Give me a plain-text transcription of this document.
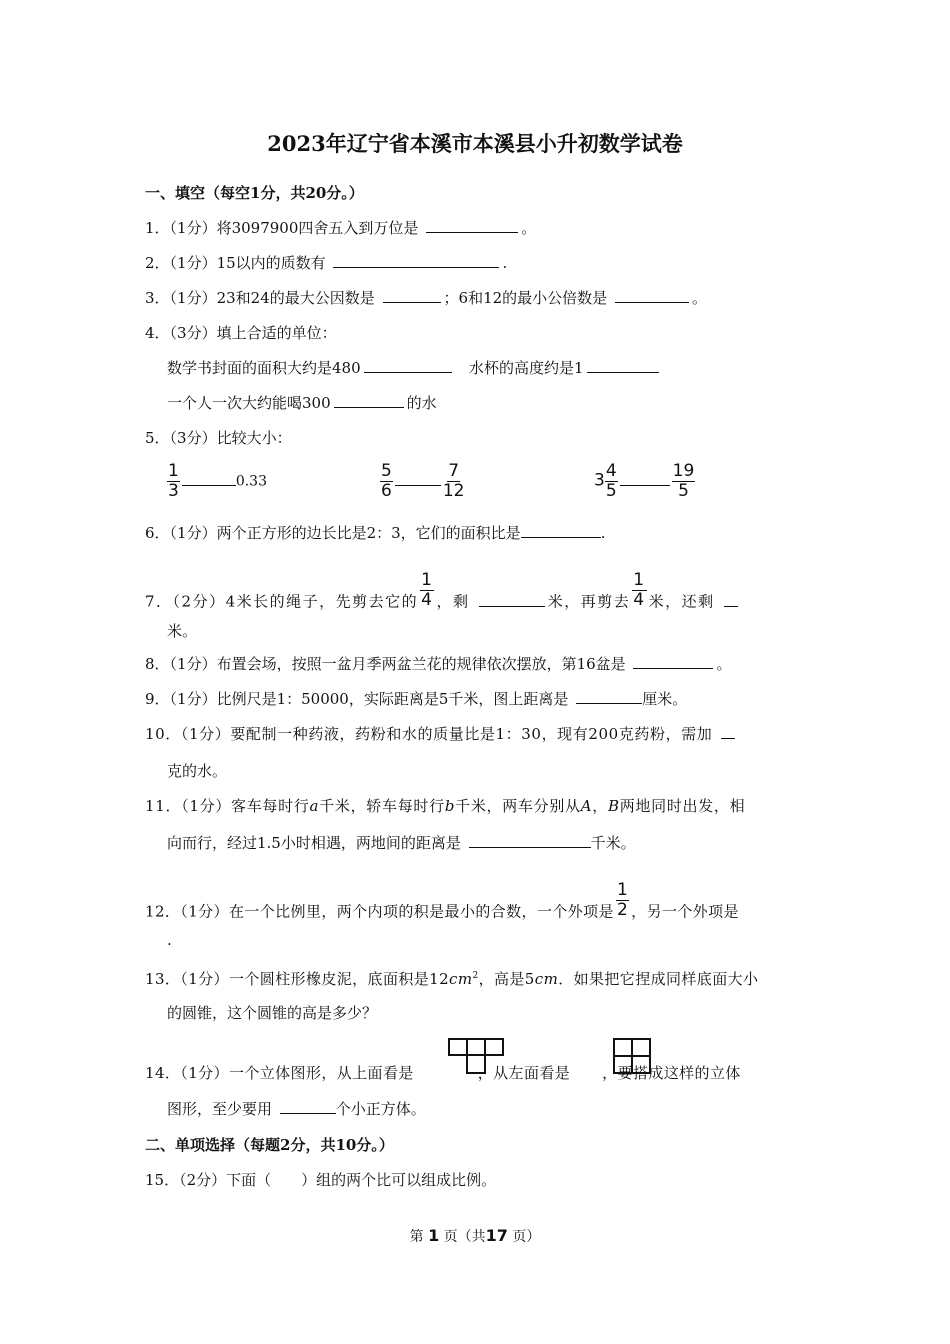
2023年辽宁省本溪市本溪县小升初数学试卷
一、填空（每空1分，共20分。）
1．（1分）将3097900四舍五入到万位是	。
2．（1分）15以内的质数有	.
3．（1分）23和24的最大公因数是	；6和12的最小公倍数是	。
4．（3分）填上合适的单位：
数学书封面的面积大约是480	水杯的高度约是1
一个人一次大约能喝300	的水
5．（3分）比较大小：
$\frac{1}{3}$	0.33	$\frac{5}{6}$	$\frac{7}{12}$	$3 \frac{4}{5}$	$\frac{19}{5}$
6．（1分）两个正方形的边长比是2：3，它们的面积比是	.
7．（2分）4米长的绳子，先剪去它的 $\frac{1}{4}$ ，剩	米，再剪去 $\frac{1}{4}$ 米，还剩
米。
8．（1分）布置会场，按照一盆月季两盆兰花的规律依次摆放，第16盆是	。
9．（1分）比例尺是1：50000，实际距离是5千米，图上距离是	厘米。
10．（1分）要配制一种药液，药粉和水的质量比是1：30，现有200克药粉，需加
克的水。
11．（1分）客车每时行a千米，轿车每时行b千米，两车分别从A，B两地同时出发，相
向而行，经过1.5小时相遇，两地间的距离是	千米。
12．（1分）在一个比例里，两个内项的积是最小的合数，一个外项是 $\frac{1}{2}$ ，另一个外项是
.
13．（1分）一个圆柱形橡皮泥，底面积是$12cm^2$，高是5cm．如果把它捏成同样底面大小
的圆锥，这个圆锥的高是多少？
14．（1分）一个立体图形，从上面看是	，从左面看是 ，要搭成这样的立体
图形，至少要用	个小正方体。
二、单项选择（每题2分，共10分。）
15．（2分）下面（　　）组的两个比可以组成比例。
第 1 页（共17 页）
